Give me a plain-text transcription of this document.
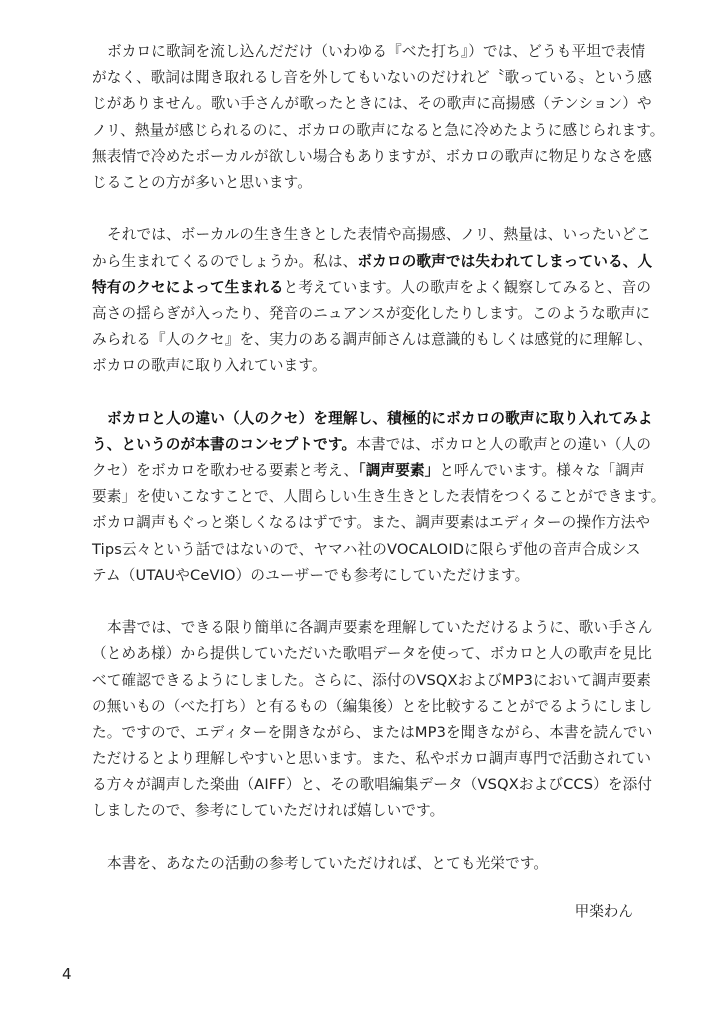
ボカロに歌詞を流し込んだだけ（いわゆる『べた打ち』）では、どうも平坦で表情
がなく、歌詞は聞き取れるし音を外してもいないのだけれど〝歌っている〟という感
じがありません。歌い手さんが歌ったときには、その歌声に高揚感（テンション）や
ノリ、熱量が感じられるのに、ボカロの歌声になると急に冷めたように感じられます。
無表情で冷めたボーカルが欲しい場合もありますが、ボカロの歌声に物足りなさを感
じることの方が多いと思います。
それでは、ボーカルの生き生きとした表情や高揚感、ノリ、熱量は、いったいどこ
から生まれてくるのでしょうか。私は、ボカロの歌声では失われてしまっている、人
特有のクセによって生まれると考えています。人の歌声をよく観察してみると、音の
高さの揺らぎが入ったり、発音のニュアンスが変化したりします。このような歌声に
みられる『人のクセ』を、実力のある調声師さんは意識的もしくは感覚的に理解し、
ボカロの歌声に取り入れています。
ボカロと人の違い（人のクセ）を理解し、積極的にボカロの歌声に取り入れてみよ
う、というのが本書のコンセプトです。本書では、ボカロと人の歌声との違い（人の
クセ）をボカロを歌わせる要素と考え、「調声要素」と呼んでいます。様々な「調声
要素」を使いこなすことで、人間らしい生き生きとした表情をつくることができます。
ボカロ調声もぐっと楽しくなるはずです。また、調声要素はエディターの操作方法や
Tips云々という話ではないので、ヤマハ社のVOCALOIDに限らず他の音声合成シス
テム（UTAUやCeVIO）のユーザーでも参考にしていただけます。
本書では、できる限り簡単に各調声要素を理解していただけるように、歌い手さん
（とめあ様）から提供していただいた歌唱データを使って、ボカロと人の歌声を見比
べて確認できるようにしました。さらに、添付のVSQXおよびMP3において調声要素
の無いもの（べた打ち）と有るもの（編集後）とを比較することがでるようにしまし
た。ですので、エディターを開きながら、またはMP3を聞きながら、本書を読んでい
ただけるとより理解しやすいと思います。また、私やボカロ調声専門で活動されてい
る方々が調声した楽曲（AIFF）と、その歌唱編集データ（VSQXおよびCCS）を添付
しましたので、参考にしていただければ嬉しいです。
本書を、あなたの活動の参考していただければ、とても光栄です。
甲楽わん
4
